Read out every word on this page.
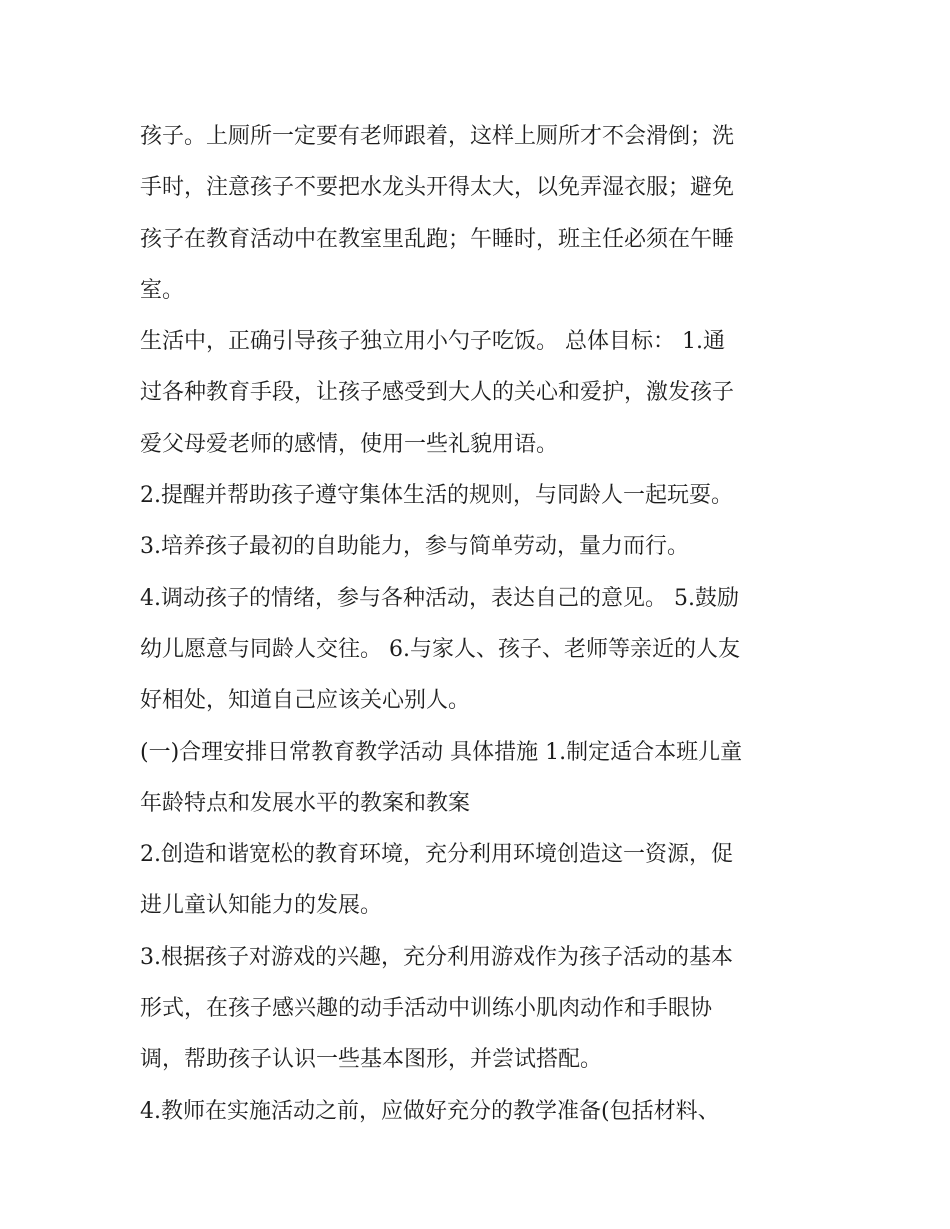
孩子。上厕所一定要有老师跟着，这样上厕所才不会滑倒；洗
手时，注意孩子不要把水龙头开得太大，以免弄湿衣服；避免
孩子在教育活动中在教室里乱跑；午睡时，班主任必须在午睡
室。

生活中，正确引导孩子独立用小勺子吃饭。 总体目标： 1.通
过各种教育手段，让孩子感受到大人的关心和爱护，激发孩子
爱父母爱老师的感情，使用一些礼貌用语。

2.提醒并帮助孩子遵守集体生活的规则，与同龄人一起玩耍。

3.培养孩子最初的自助能力，参与简单劳动，量力而行。

4.调动孩子的情绪，参与各种活动，表达自己的意见。 5.鼓励
幼儿愿意与同龄人交往。 6.与家人、孩子、老师等亲近的人友
好相处，知道自己应该关心别人。

(一)合理安排日常教育教学活动 具体措施 1.制定适合本班儿童
年龄特点和发展水平的教案和教案

2.创造和谐宽松的教育环境，充分利用环境创造这一资源，促
进儿童认知能力的发展。

3.根据孩子对游戏的兴趣，充分利用游戏作为孩子活动的基本
形式，在孩子感兴趣的动手活动中训练小肌肉动作和手眼协
调，帮助孩子认识一些基本图形，并尝试搭配。

4.教师在实施活动之前，应做好充分的教学准备(包括材料、
